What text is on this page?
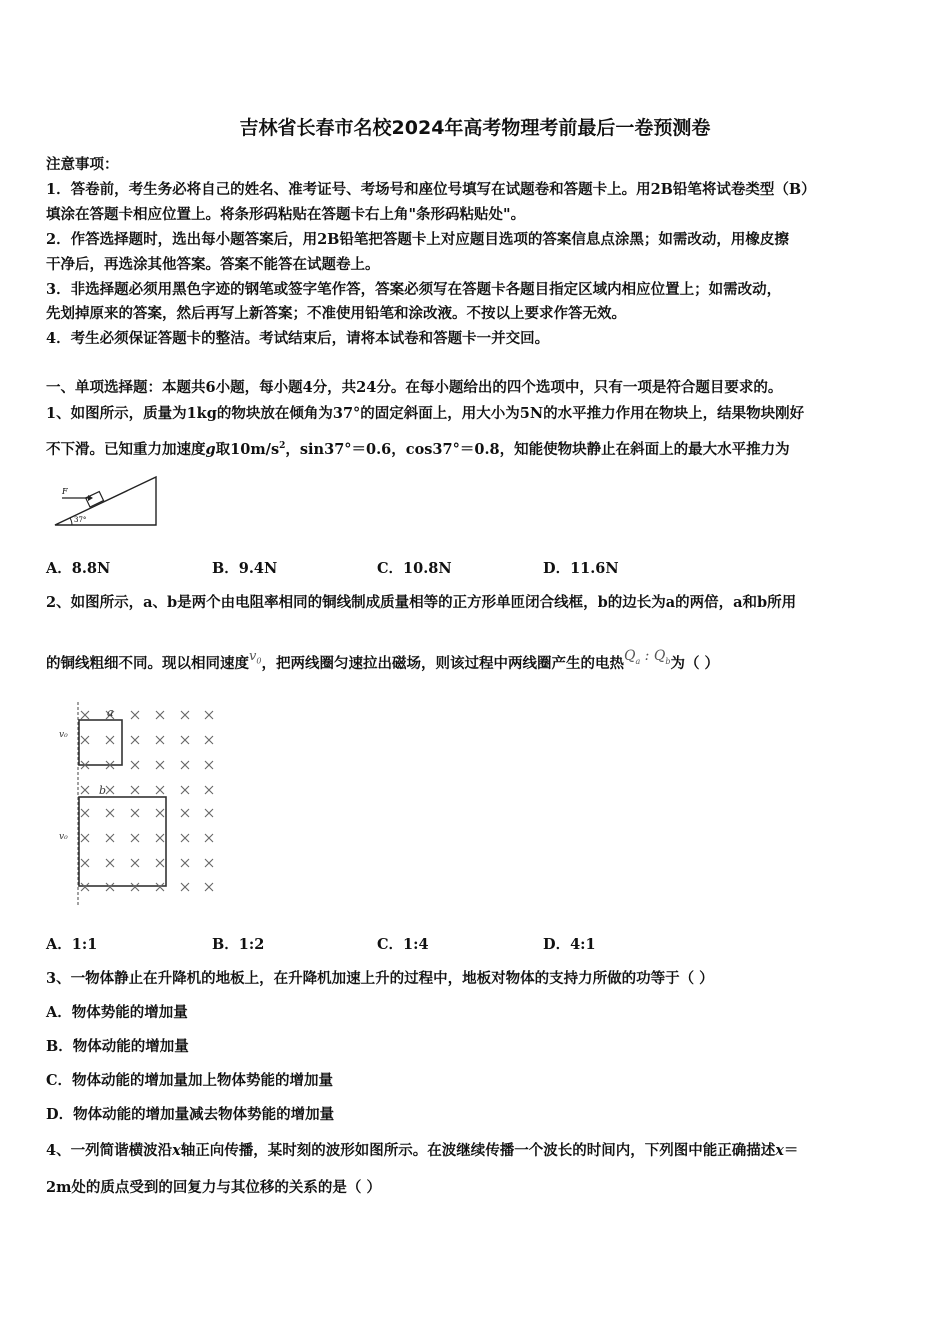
吉林省长春市名校2024年高考物理考前最后一卷预测卷
注意事项：
1．答卷前，考生务必将自己的姓名、准考证号、考场号和座位号填写在试题卷和答题卡上。用2B铅笔将试卷类型（B）
填涂在答题卡相应位置上。将条形码粘贴在答题卡右上角"条形码粘贴处"。
2．作答选择题时，选出每小题答案后，用2B铅笔把答题卡上对应题目选项的答案信息点涂黑；如需改动，用橡皮擦
干净后，再选涂其他答案。答案不能答在试题卷上。
3．非选择题必须用黑色字迹的钢笔或签字笔作答，答案必须写在答题卡各题目指定区域内相应位置上；如需改动，
先划掉原来的答案，然后再写上新答案；不准使用铅笔和涂改液。不按以上要求作答无效。
4．考生必须保证答题卡的整洁。考试结束后，请将本试卷和答题卡一并交回。
一、单项选择题：本题共6小题，每小题4分，共24分。在每小题给出的四个选项中，只有一项是符合题目要求的。
1、如图所示，质量为1kg的物块放在倾角为37°的固定斜面上，用大小为5N的水平推力作用在物块上，结果物块刚好
不下滑。已知重力加速度g取$10m/s^2$，sin37°＝0.6，cos37°＝0.8，知能使物块静止在斜面上的最大水平推力为
F
37°
A．8.8N	B．9.4N	C．10.8N	D．11.6N
2、如图所示，a、b是两个由电阻率相同的铜线制成质量相等的正方形单匝闭合线框，b的边长为a的两倍，a和b所用
的铜线粗细不同。现以相同速度$v_0$，把两线圈匀速拉出磁场，则该过程中两线圈产生的电热$Q_a$ : $Q_b$为（ ）
a
b
v₀
v₀
A．1:1	B．1:2	C．1:4	D．4:1
3、一物体静止在升降机的地板上，在升降机加速上升的过程中，地板对物体的支持力所做的功等于（ ）
A．物体势能的增加量
B．物体动能的增加量
C．物体动能的增加量加上物体势能的增加量
D．物体动能的增加量减去物体势能的增加量
4、一列简谐横波沿x轴正向传播，某时刻的波形如图所示。在波继续传播一个波长的时间内，下列图中能正确描述x＝
2m处的质点受到的回复力与其位移的关系的是（ ）
